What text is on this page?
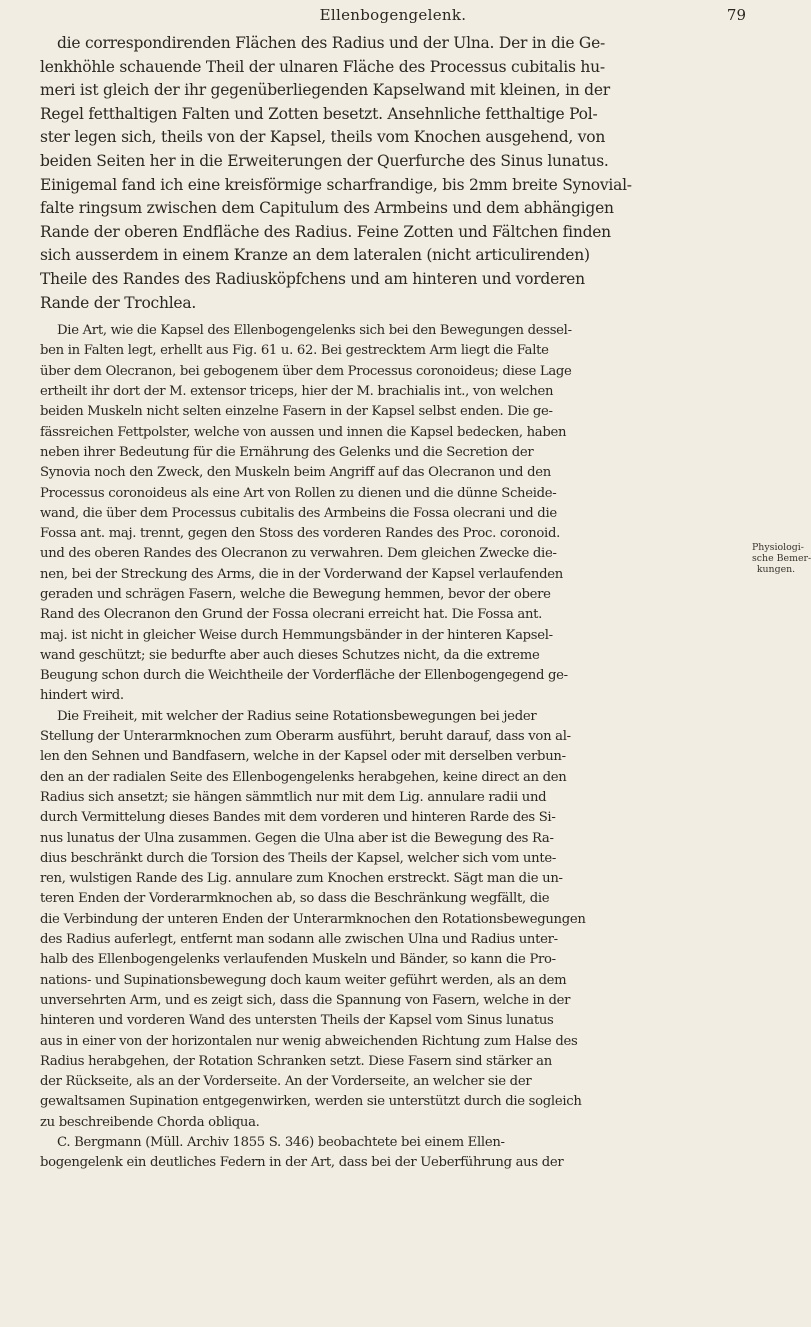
Ellenbogengelenk.	79
die correspondirenden Flächen des Radius und der Ulna. Der in die Ge-
lenkhöhle schauende Theil der ulnaren Fläche des Processus cubitalis hu-
meri ist gleich der ihr gegenüberliegenden Kapselwand mit kleinen, in der
Regel fetthaltigen Falten und Zotten besetzt. Ansehnliche fetthaltige Pol-
ster legen sich, theils von der Kapsel, theils vom Knochen ausgehend, von
beiden Seiten her in die Erweiterungen der Querfurche des Sinus lunatus.
Einigemal fand ich eine kreisförmige scharfrandige, bis 2mm breite Synovial-
falte ringsum zwischen dem Capitulum des Armbeins und dem abhängigen
Rande der oberen Endfläche des Radius. Feine Zotten und Fältchen finden
sich ausserdem in einem Kranze an dem lateralen (nicht articulirenden)
Theile des Randes des Radiusköpfchens und am hinteren und vorderen
Rande der Trochlea.
Die Art, wie die Kapsel des Ellenbogengelenks sich bei den Bewegungen dessel-
ben in Falten legt, erhellt aus Fig. 61 u. 62. Bei gestrecktem Arm liegt die Falte
über dem Olecranon, bei gebogenem über dem Processus coronoideus; diese Lage
ertheilt ihr dort der M. extensor triceps, hier der M. brachialis int., von welchen
beiden Muskeln nicht selten einzelne Fasern in der Kapsel selbst enden. Die ge-
fässreichen Fettpolster, welche von aussen und innen die Kapsel bedecken, haben
neben ihrer Bedeutung für die Ernährung des Gelenks und die Secretion der
Synovia noch den Zweck, den Muskeln beim Angriff auf das Olecranon und den
Processus coronoideus als eine Art von Rollen zu dienen und die dünne Scheide-
wand, die über dem Processus cubitalis des Armbeins die Fossa olecrani und die
Fossa ant. maj. trennt, gegen den Stoss des vorderen Randes des Proc. coronoid.
und des oberen Randes des Olecranon zu verwahren. Dem gleichen Zwecke die-
nen, bei der Streckung des Arms, die in der Vorderwand der Kapsel verlaufenden
geraden und schrägen Fasern, welche die Bewegung hemmen, bevor der obere
Rand des Olecranon den Grund der Fossa olecrani erreicht hat. Die Fossa ant.
maj. ist nicht in gleicher Weise durch Hemmungsbänder in der hinteren Kapsel-
wand geschützt; sie bedurfte aber auch dieses Schutzes nicht, da die extreme
Beugung schon durch die Weichtheile der Vorderfläche der Ellenbogengegend ge-
hindert wird.
Die Freiheit, mit welcher der Radius seine Rotationsbewegungen bei jeder
Stellung der Unterarmknochen zum Oberarm ausführt, beruht darauf, dass von al-
len den Sehnen und Bandfasern, welche in der Kapsel oder mit derselben verbun-
den an der radialen Seite des Ellenbogengelenks herabgehen, keine direct an den
Radius sich ansetzt; sie hängen sämmtlich nur mit dem Lig. annulare radii und
durch Vermittelung dieses Bandes mit dem vorderen und hinteren Rarde des Si-
nus lunatus der Ulna zusammen. Gegen die Ulna aber ist die Bewegung des Ra-
dius beschränkt durch die Torsion des Theils der Kapsel, welcher sich vom unte-
ren, wulstigen Rande des Lig. annulare zum Knochen erstreckt. Sägt man die un-
teren Enden der Vorderarmknochen ab, so dass die Beschränkung wegfällt, die
die Verbindung der unteren Enden der Unterarmknochen den Rotationsbewegungen
des Radius auferlegt, entfernt man sodann alle zwischen Ulna und Radius unter-
halb des Ellenbogengelenks verlaufenden Muskeln und Bänder, so kann die Pro-
nations- und Supinationsbewegung doch kaum weiter geführt werden, als an dem
unversehrten Arm, und es zeigt sich, dass die Spannung von Fasern, welche in der
hinteren und vorderen Wand des untersten Theils der Kapsel vom Sinus lunatus
aus in einer von der horizontalen nur wenig abweichenden Richtung zum Halse des
Radius herabgehen, der Rotation Schranken setzt. Diese Fasern sind stärker an
der Rückseite, als an der Vorderseite. An der Vorderseite, an welcher sie der
gewaltsamen Supination entgegenwirken, werden sie unterstützt durch die sogleich
zu beschreibende Chorda obliqua.
C. Bergmann (Müll. Archiv 1855 S. 346) beobachtete bei einem Ellen-
bogengelenk ein deutliches Federn in der Art, dass bei der Ueberführung aus der
Physiologi-
sche Bemer-
kungen.
